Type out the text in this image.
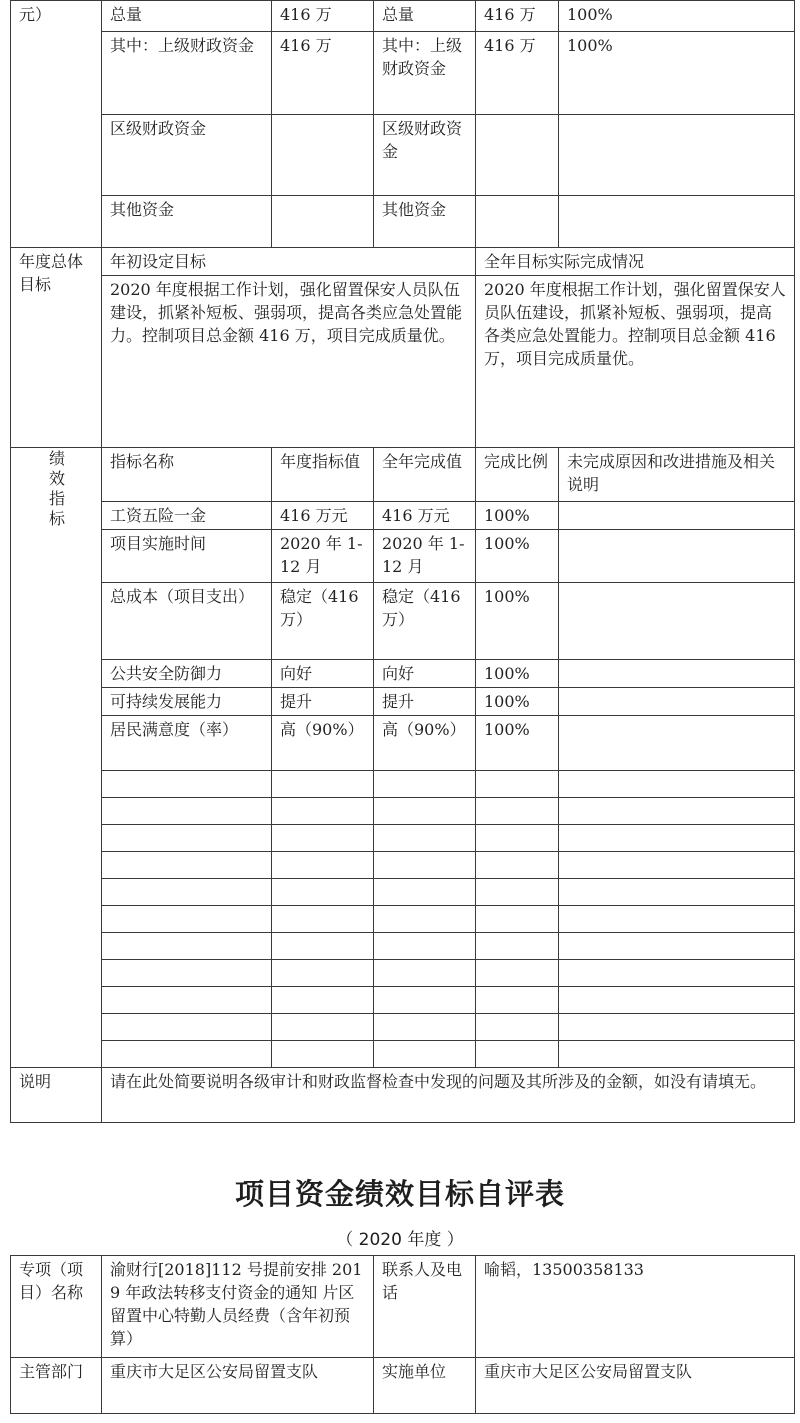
元）	总量	416 万	总量	416 万	100%
	其中：上级财政资金	416 万	其中：上级财政资金	416 万	100%
	区级财政资金		区级财政资金		
	其他资金		其他资金		
年度总体目标	年初设定目标			全年目标实际完成情况	
	2020 年度根据工作计划，强化留置保安人员队伍建设，抓紧补短板、强弱项，提高各类应急处置能力。控制项目总金额 416 万，项目完成质量优。			2020 年度根据工作计划，强化留置保安人员队伍建设，抓紧补短板、强弱项，提高各类应急处置能力。控制项目总金额 416 万，项目完成质量优。	

绩效指标	指标名称	年度指标值	全年完成值	完成比例	未完成原因和改进措施及相关说明
	工资五险一金	416 万元	416 万元	100%	
	项目实施时间	2020 年 1-12 月	2020 年 1-12 月	100%	
	总成本（项目支出）	稳定（416 万）	稳定（416 万）	100%	
	公共安全防御力	向好	向好	100%	
	可持续发展能力	提升	提升	100%	
	居民满意度（率）	高（90%）	高（90%）	100%	

说明	请在此处简要说明各级审计和财政监督检查中发现的问题及其所涉及的金额，如没有请填无。				
项目资金绩效目标自评表
（ 2020 年度 ）
专项（项目）名称	渝财行[2018]112 号提前安排 2019 年政法转移支付资金的通知 片区留置中心特勤人员经费（含年初预算）	联系人及电话	喻韬，13500358133
主管部门	重庆市大足区公安局留置支队	实施单位	重庆市大足区公安局留置支队
